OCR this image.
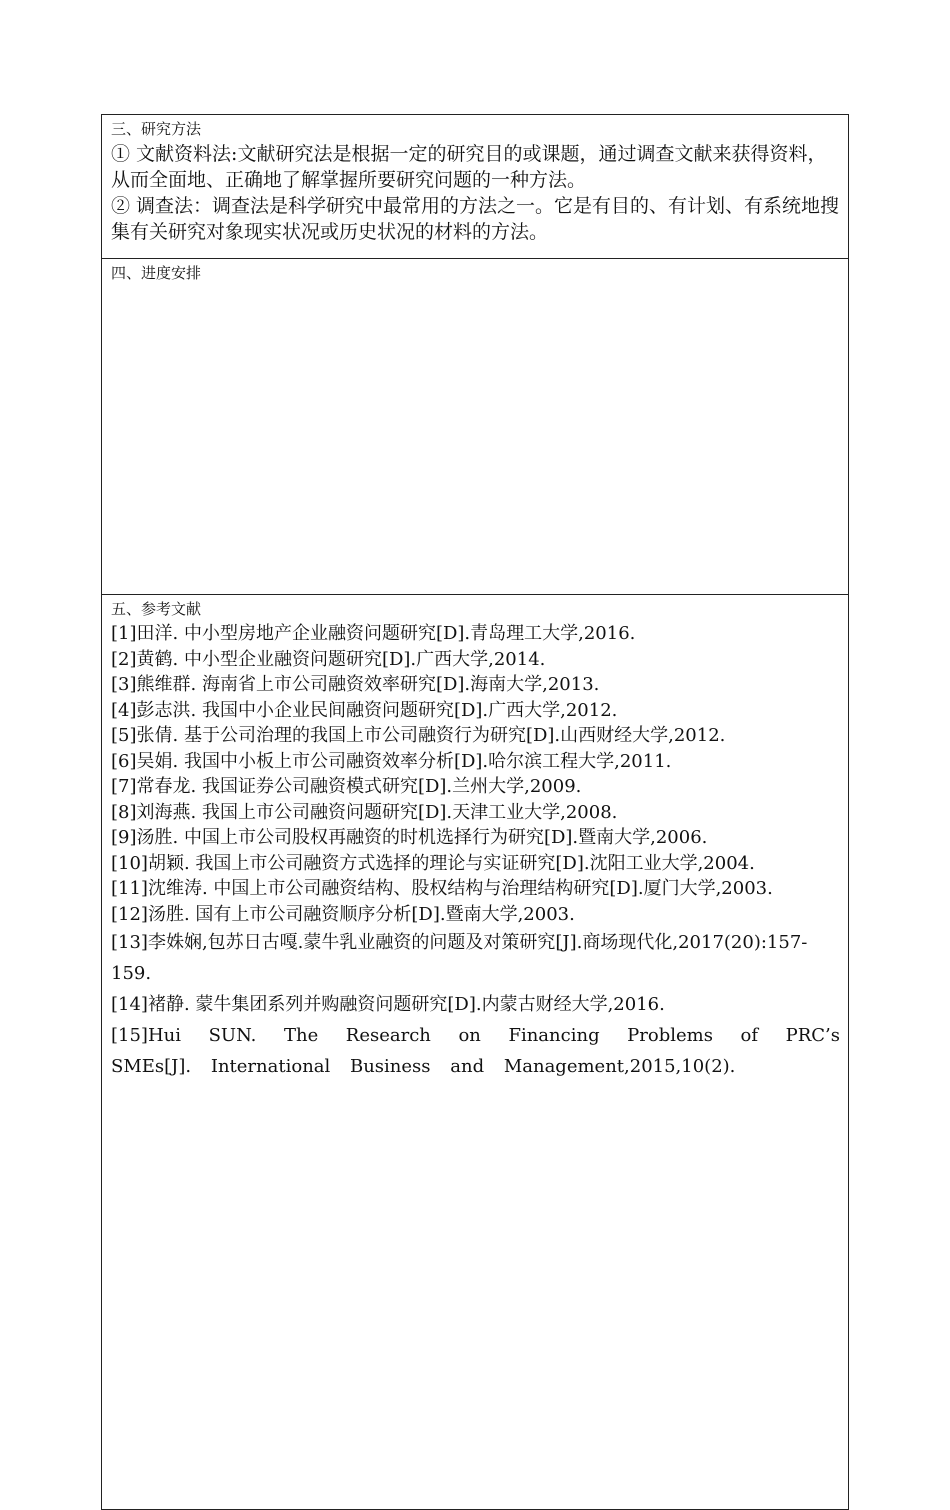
三、研究方法

① 文献资料法:文献研究法是根据一定的研究目的或课题，通过调查文献来获得资料，从而全面地、正确地了解掌握所要研究问题的一种方法。

② 调查法：调查法是科学研究中最常用的方法之一。它是有目的、有计划、有系统地搜集有关研究对象现实状况或历史状况的材料的方法。

四、进度安排
五、参考文献
[1]田洋. 中小型房地产企业融资问题研究[D].青岛理工大学,2016.
[2]黄鹤. 中小型企业融资问题研究[D].广西大学,2014.
[3]熊维群. 海南省上市公司融资效率研究[D].海南大学,2013.
[4]彭志洪. 我国中小企业民间融资问题研究[D].广西大学,2012.
[5]张倩. 基于公司治理的我国上市公司融资行为研究[D].山西财经大学,2012.
[6]吴娟. 我国中小板上市公司融资效率分析[D].哈尔滨工程大学,2011.
[7]常春龙. 我国证券公司融资模式研究[D].兰州大学,2009.
[8]刘海燕. 我国上市公司融资问题研究[D].天津工业大学,2008.
[9]汤胜. 中国上市公司股权再融资的时机选择行为研究[D].暨南大学,2006.
[10]胡颖. 我国上市公司融资方式选择的理论与实证研究[D].沈阳工业大学,2004.
[11]沈维涛. 中国上市公司融资结构、股权结构与治理结构研究[D].厦门大学,2003.
[12]汤胜. 国有上市公司融资顺序分析[D].暨南大学,2003.
[13]李姝娴,包苏日古嘎.蒙牛乳业融资的问题及对策研究[J].商场现代化,2017(20):157-159.
[14]褚静. 蒙牛集团系列并购融资问题研究[D].内蒙古财经大学,2016.
[15]Hui SUN. The Research on Financing Problems of PRC’s SMEs[J]. International Business and Management,2015,10(2).
